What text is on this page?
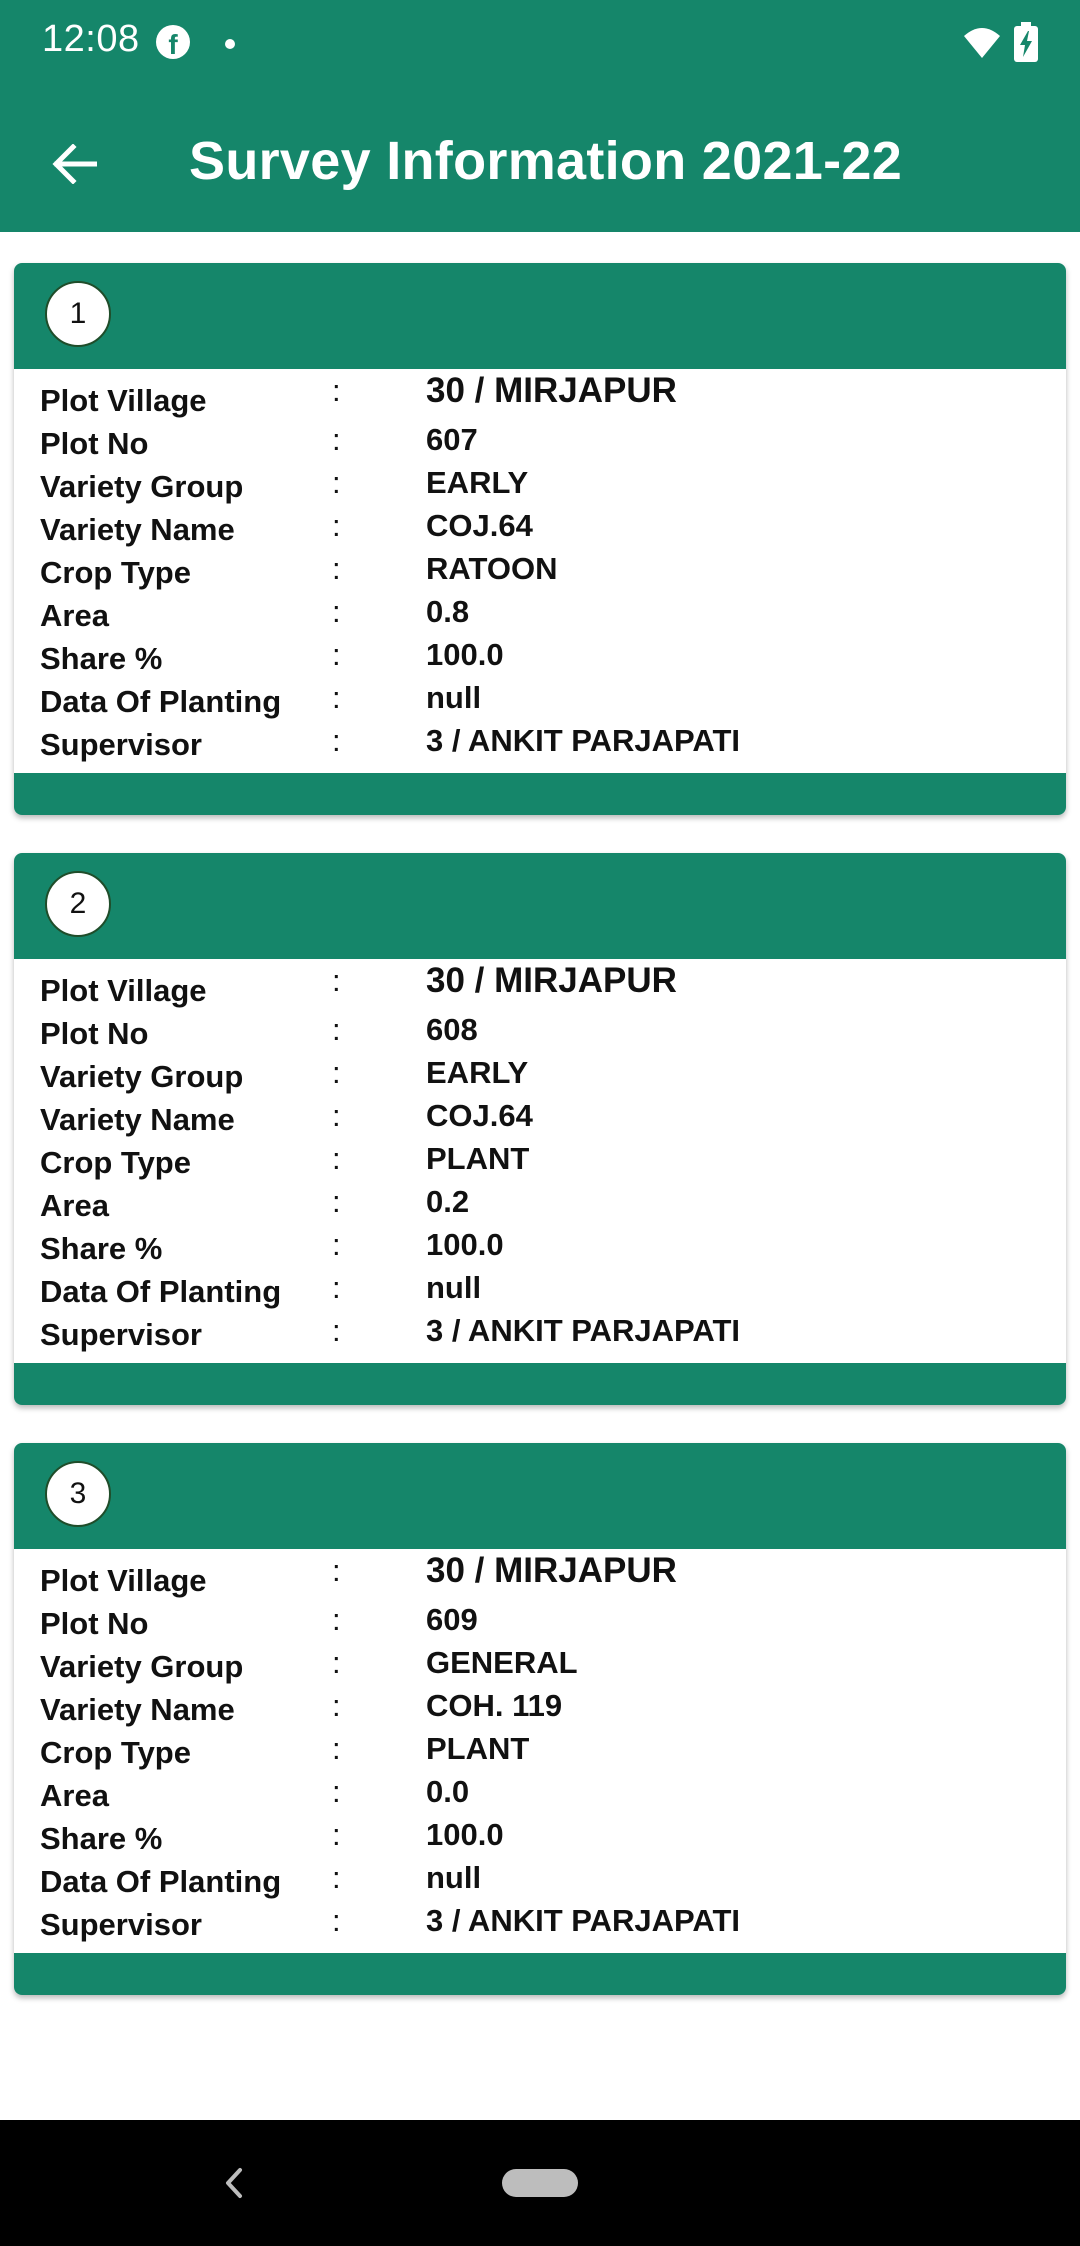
12:08	f
Survey Information 2021-22
1
Plot Village	: 30 / MIRJAPUR
Plot No	:	607
Variety Group	:	EARLY
Variety Name	:	COJ.64
Crop Type	:	RATOON
Area	:	0.8
Share %	:	100.0
Data Of Planting :	null
Supervisor	:	3 / ANKIT PARJAPATI
2
Plot Village	: 30 / MIRJAPUR
Plot No	:	608
Variety Group	:	EARLY
Variety Name	:	COJ.64
Crop Type	:	PLANT
Area	:	0.2
Share %	:	100.0
Data Of Planting :	null
Supervisor	:	3 / ANKIT PARJAPATI
3
Plot Village	: 30 / MIRJAPUR
Plot No	:	609
Variety Group	:	GENERAL
Variety Name	:	COH. 119
Crop Type	:	PLANT
Area	:	0.0
Share %	:	100.0
Data Of Planting :	null
Supervisor	:	3 / ANKIT PARJAPATI
